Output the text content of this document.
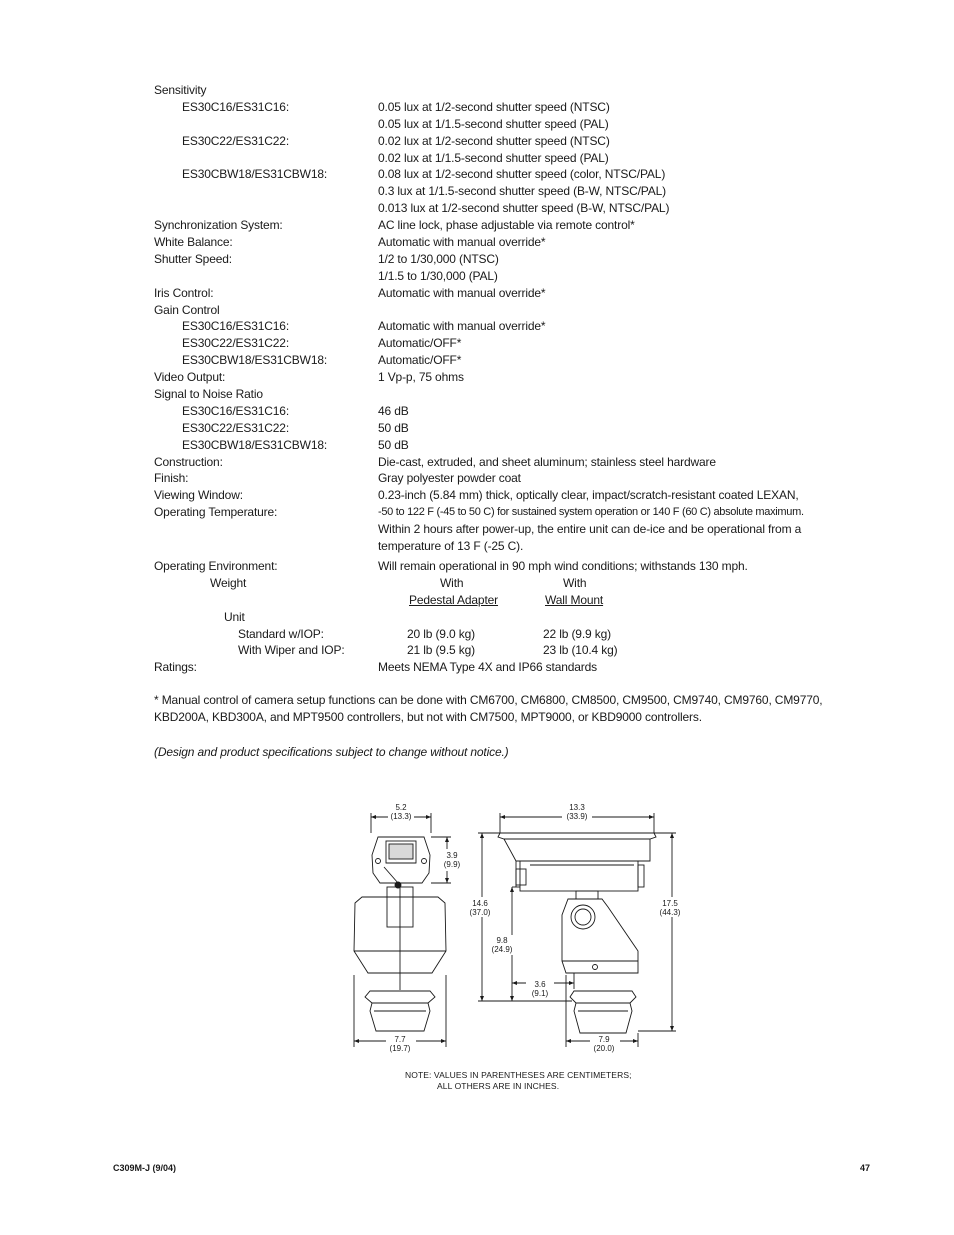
Sensitivity
ES30C16/ES31C16:	0.05 lux at 1/2-second shutter speed (NTSC)
0.05 lux at 1/1.5-second shutter speed (PAL)
ES30C22/ES31C22:	0.02 lux at 1/2-second shutter speed (NTSC)
0.02 lux at 1/1.5-second shutter speed (PAL)
ES30CBW18/ES31CBW18:	0.08 lux at 1/2-second shutter speed (color, NTSC/PAL)
0.3 lux at 1/1.5-second shutter speed (B-W, NTSC/PAL)
0.013 lux at 1/2-second shutter speed (B-W, NTSC/PAL)
Synchronization System:	AC line lock, phase adjustable via remote control*
White Balance:	Automatic with manual override*
Shutter Speed:	1/2 to 1/30,000 (NTSC)
1/1.5 to 1/30,000 (PAL)
Iris Control:	Automatic with manual override*
Gain Control
ES30C16/ES31C16:	Automatic with manual override*
ES30C22/ES31C22:	Automatic/OFF*
ES30CBW18/ES31CBW18:	Automatic/OFF*
Video Output:	1 Vp-p, 75 ohms
Signal to Noise Ratio
ES30C16/ES31C16:	46 dB
ES30C22/ES31C22:	50 dB
ES30CBW18/ES31CBW18:	50 dB
Construction:	Die-cast, extruded, and sheet aluminum; stainless steel hardware
Finish:	Gray polyester powder coat
Viewing Window:	0.23-inch (5.84 mm) thick, optically clear, impact/scratch-resistant coated LEXAN,
Operating Temperature:	-50 to 122 F (-45 to 50 C) for sustained system operation or 140 F (60 C) absolute maximum.
Within 2 hours after power-up, the entire unit can de-ice and be operational from a
temperature of 13 F (-25 C).
Operating Environment:	Will remain operational in 90 mph wind conditions; withstands 130 mph.
Weight	With	With
Pedestal Adapter	Wall Mount
Unit
Standard w/IOP:	20 lb (9.0 kg)	22 lb (9.9 kg)
With Wiper and IOP:	21 lb (9.5 kg)	23 lb (10.4 kg)
Ratings:	Meets NEMA Type 4X and IP66 standards
* Manual control of camera setup functions can be done with CM6700, CM6800, CM8500, CM9500, CM9740, CM9760, CM9770,
KBD200A, KBD300A, and MPT9500 controllers, but not with CM7500, MPT9000, or KBD9000 controllers.
(Design and product specifications subject to change without notice.)
5.2
(13.3)
3.9
(9.9)
7.7
(19.7)
13.3
(33.9)
14.6
(37.0)
9.8
(24.9)
3.6
(9.1)
17.5
(44.3)
7.9
(20.0)
NOTE: VALUES IN PARENTHESES ARE CENTIMETERS;
ALL OTHERS ARE IN INCHES.
C309M-J (9/04)	47
